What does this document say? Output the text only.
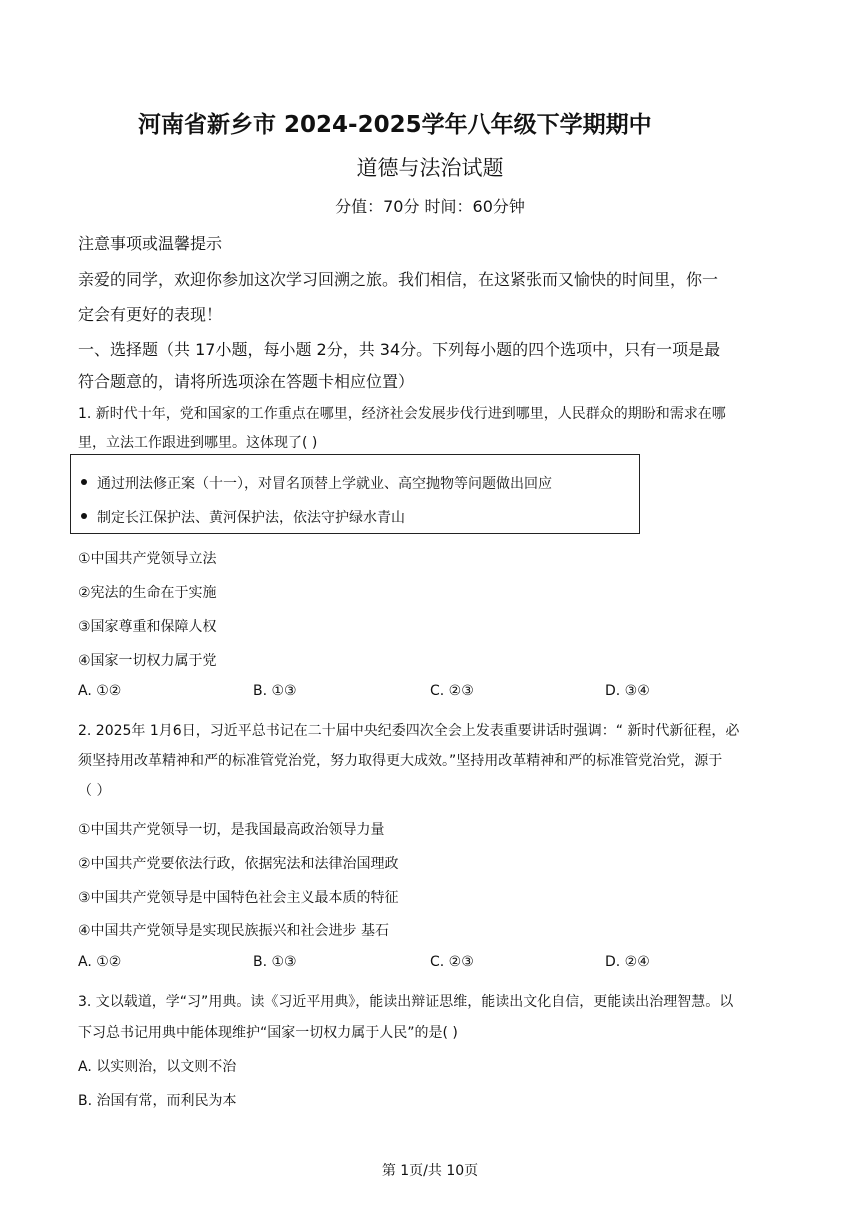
河南省新乡市 2024-2025学年八年级下学期期中
道德与法治试题
分值：70分 时间：60分钟
注意事项或温馨提示
亲爱的同学，欢迎你参加这次学习回溯之旅。我们相信，在这紧张而又愉快的时间里，你一
定会有更好的表现！
一、选择题（共 17小题，每小题 2分，共 34分。下列每小题的四个选项中，只有一项是最
符合题意的，请将所选项涂在答题卡相应位置）
1. 新时代十年，党和国家的工作重点在哪里，经济社会发展步伐行进到哪里，人民群众的期盼和需求在哪
里，立法工作跟进到哪里。这体现了( )
通过刑法修正案（十一），对冒名顶替上学就业、高空抛物等问题做出回应
制定长江保护法、黄河保护法，依法守护绿水青山
①中国共产党领导立法
②宪法的生命在于实施
③国家尊重和保障人权
④国家一切权力属于党
A. ①②	B. ①③	C. ②③	D. ③④
2. 2025年 1月6日，习近平总书记在二十届中央纪委四次全会上发表重要讲话时强调：“ 新时代新征程，必
须坚持用改革精神和严的标准管党治党，努力取得更大成效。”坚持用改革精神和严的标准管党治党，源于
（ ）
①中国共产党领导一切，是我国最高政治领导力量
②中国共产党要依法行政，依据宪法和法律治国理政
③中国共产党领导是中国特色社会主义最本质的特征
④中国共产党领导是实现民族振兴和社会进步 基石
A. ①②	B. ①③	C. ②③	D. ②④
3. 文以载道，学“习”用典。读《习近平用典》，能读出辩证思维，能读出文化自信，更能读出治理智慧。以
下习总书记用典中能体现维护“国家一切权力属于人民”的是( )
A. 以实则治，以文则不治
B. 治国有常，而利民为本
第 1页/共 10页
